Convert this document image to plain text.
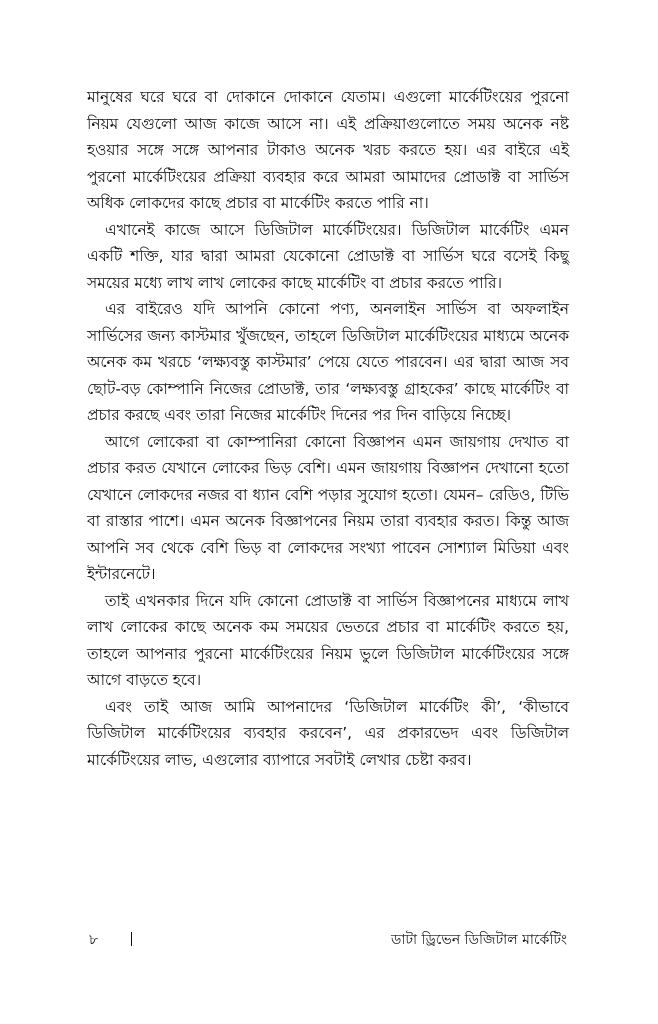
মানুষের ঘরে ঘরে বা দোকানে দোকানে যেতাম। এগুলো মার্কেটিংয়ের পুরনো নিয়ম যেগুলো আজ কাজে আসে না। এই প্রক্রিয়াগুলোতে সময় অনেক নষ্ট হওয়ার সঙ্গে সঙ্গে আপনার টাকাও অনেক খরচ করতে হয়। এর বাইরে এই পুরনো মার্কেটিংয়ের প্রক্রিয়া ব্যবহার করে আমরা আমাদের প্রোডাক্ট বা সার্ভিস অধিক লোকদের কাছে প্রচার বা মার্কেটিং করতে পারি না।

এখানেই কাজে আসে ডিজিটাল মার্কেটিংয়ের। ডিজিটাল মার্কেটিং এমন একটি শক্তি, যার দ্বারা আমরা যেকোনো প্রোডাক্ট বা সার্ভিস ঘরে বসেই কিছু সময়ের মধ্যে লাখ লাখ লোকের কাছে মার্কেটিং বা প্রচার করতে পারি।

এর বাইরেও যদি আপনি কোনো পণ্য, অনলাইন সার্ভিস বা অফলাইন সার্ভিসের জন্য কাস্টমার খুঁজছেন, তাহলে ডিজিটাল মার্কেটিংয়ের মাধ্যমে অনেক অনেক কম খরচে ‘লক্ষ্যবস্তু কাস্টমার’ পেয়ে যেতে পারবেন। এর দ্বারা আজ সব ছোট-বড় কোম্পানি নিজের প্রোডাক্ট, তার ‘লক্ষ্যবস্তু গ্রাহকের’ কাছে মার্কেটিং বা প্রচার করছে এবং তারা নিজের মার্কেটিং দিনের পর দিন বাড়িয়ে নিচ্ছে।

আগে লোকেরা বা কোম্পানিরা কোনো বিজ্ঞাপন এমন জায়গায় দেখাত বা প্রচার করত যেখানে লোকের ভিড় বেশি। এমন জায়গায় বিজ্ঞাপন দেখানো হতো যেখানে লোকদের নজর বা ধ্যান বেশি পড়ার সুযোগ হতো। যেমন– রেডিও, টিভি বা রাস্তার পাশে। এমন অনেক বিজ্ঞাপনের নিয়ম তারা ব্যবহার করত। কিন্তু আজ আপনি সব থেকে বেশি ভিড় বা লোকদের সংখ্যা পাবেন সোশ্যাল মিডিয়া এবং ইন্টারনেটে।

তাই এখনকার দিনে যদি কোনো প্রোডাক্ট বা সার্ভিস বিজ্ঞাপনের মাধ্যমে লাখ লাখ লোকের কাছে অনেক কম সময়ের ভেতরে প্রচার বা মার্কেটিং করতে হয়, তাহলে আপনার পুরনো মার্কেটিংয়ের নিয়ম ভুলে ডিজিটাল মার্কেটিংয়ের সঙ্গে আগে বাড়তে হবে।

এবং তাই আজ আমি আপনাদের ‘ডিজিটাল মার্কেটিং কী’, ‘কীভাবে ডিজিটাল মার্কেটিংয়ের ব্যবহার করবেন’, এর প্রকারভেদ এবং ডিজিটাল মার্কেটিংয়ের লাভ, এগুলোর ব্যাপারে সবটাই লেখার চেষ্টা করব।

৮	ডাটা ড্রিভেন ডিজিটাল মার্কেটিং
